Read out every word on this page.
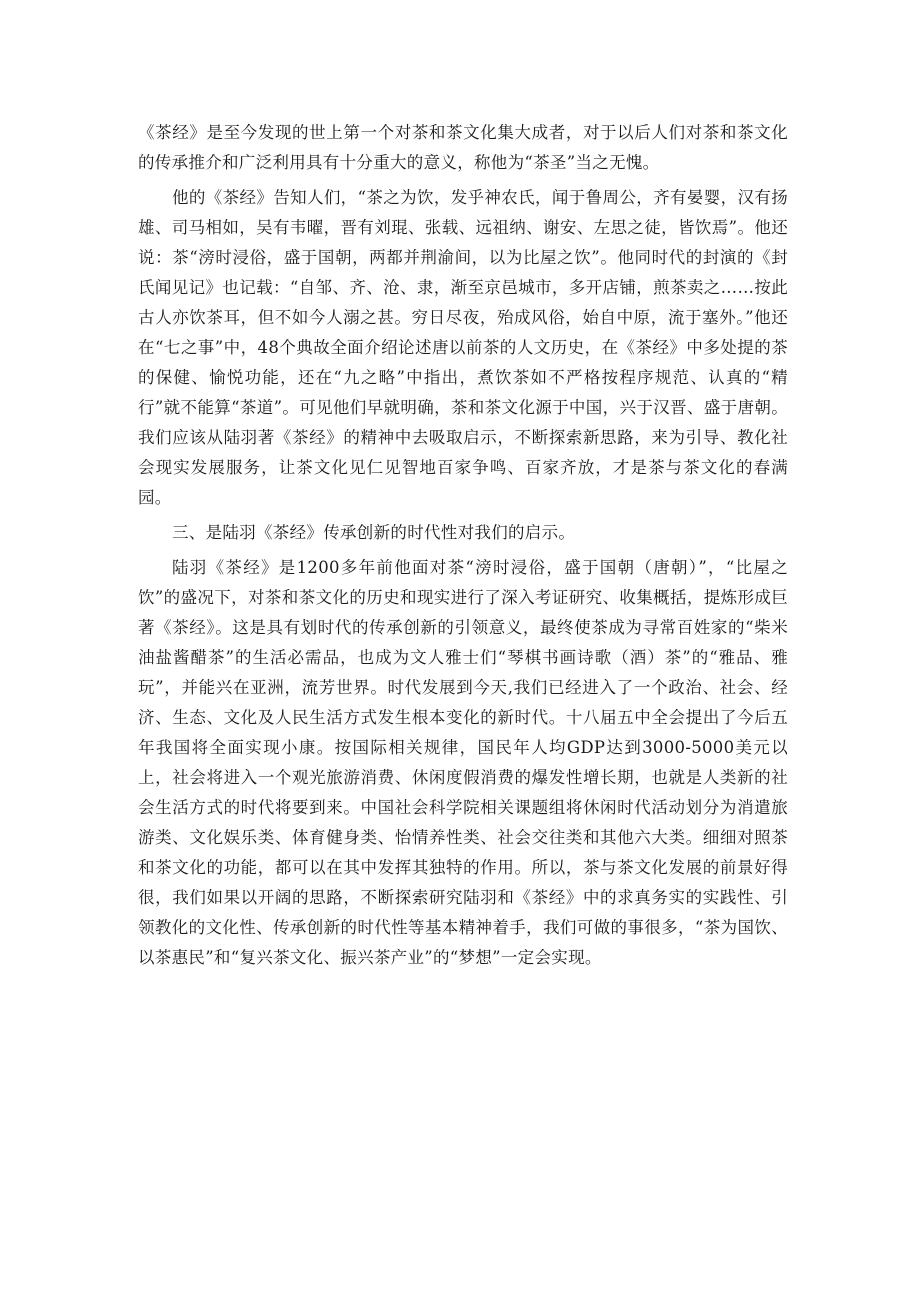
《茶经》是至今发现的世上第一个对茶和茶文化集大成者，对于以后人们对茶和茶文化的传承推介和广泛利用具有十分重大的意义，称他为“茶圣”当之无愧。

他的《茶经》告知人们，“茶之为饮，发乎神农氏，闻于鲁周公，齐有晏婴，汉有扬雄、司马相如，吴有韦曜，晋有刘琨、张载、远祖纳、谢安、左思之徒，皆饮焉”。他还说：茶“滂时浸俗，盛于国朝，两都并荆渝间，以为比屋之饮”。他同时代的封演的《封氏闻见记》也记载：“自邹、齐、沧、隶，渐至京邑城市，多开店铺，煎茶卖之……按此古人亦饮茶耳，但不如今人溺之甚。穷日尽夜，殆成风俗，始自中原，流于塞外。”他还在“七之事”中，48个典故全面介绍论述唐以前茶的人文历史，在《茶经》中多处提的茶的保健、愉悦功能，还在“九之略”中指出，煮饮茶如不严格按程序规范、认真的“精行”就不能算“茶道”。可见他们早就明确，茶和茶文化源于中国，兴于汉晋、盛于唐朝。我们应该从陆羽著《茶经》的精神中去吸取启示，不断探索新思路，来为引导、教化社会现实发展服务，让茶文化见仁见智地百家争鸣、百家齐放，才是茶与茶文化的春满园。

三、是陆羽《茶经》传承创新的时代性对我们的启示。

陆羽《茶经》是1200多年前他面对茶“滂时浸俗，盛于国朝（唐朝）”，“比屋之饮”的盛况下，对茶和茶文化的历史和现实进行了深入考证研究、收集概括，提炼形成巨著《茶经》。这是具有划时代的传承创新的引领意义，最终使茶成为寻常百姓家的“柴米油盐酱醋茶”的生活必需品，也成为文人雅士们“琴棋书画诗歌（酒）茶”的“雅品、雅玩”，并能兴在亚洲，流芳世界。时代发展到今天,我们已经进入了一个政治、社会、经济、生态、文化及人民生活方式发生根本变化的新时代。十八届五中全会提出了今后五年我国将全面实现小康。按国际相关规律，国民年人均GDP达到3000-5000美元以上，社会将进入一个观光旅游消费、休闲度假消费的爆发性增长期，也就是人类新的社会生活方式的时代将要到来。中国社会科学院相关课题组将休闲时代活动划分为消遣旅游类、文化娱乐类、体育健身类、怡情养性类、社会交往类和其他六大类。细细对照茶和茶文化的功能，都可以在其中发挥其独特的作用。所以，茶与茶文化发展的前景好得很，我们如果以开阔的思路，不断探索研究陆羽和《茶经》中的求真务实的实践性、引领教化的文化性、传承创新的时代性等基本精神着手，我们可做的事很多，“茶为国饮、以茶惠民”和“复兴茶文化、振兴茶产业”的“梦想”一定会实现。
